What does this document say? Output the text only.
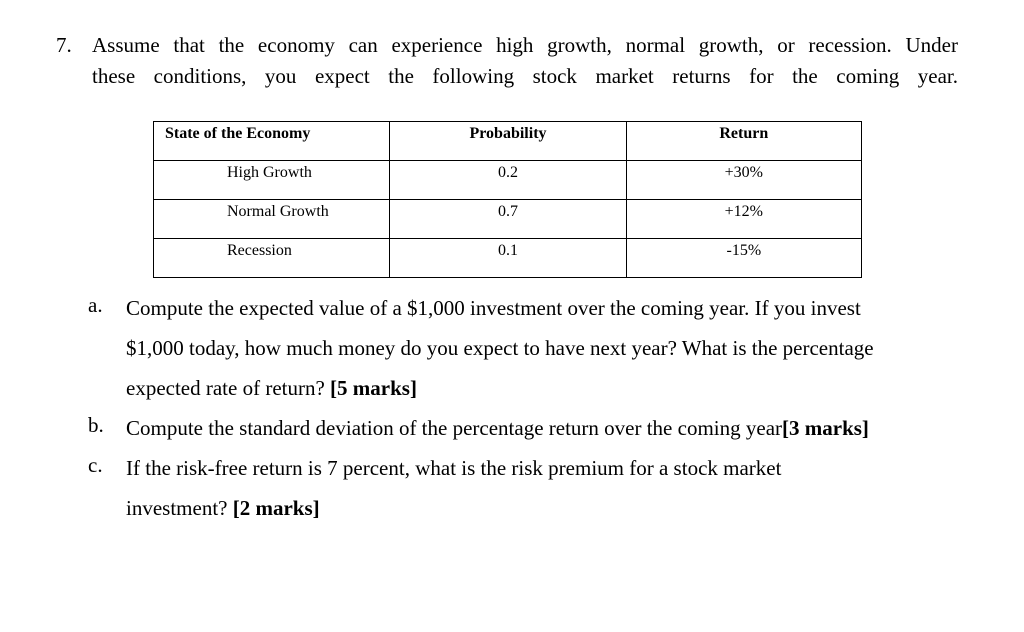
7. Assume that the economy can experience high growth, normal growth, or recession. Under
these conditions, you expect the following stock market returns for the coming year.
State of the Economy	Probability	Return
High Growth	0.2	+30%
Normal Growth	0.7	+12%
Recession	0.1	-15%
a. Compute the expected value of a $1,000 investment over the coming year. If you invest
$1,000 today, how much money do you expect to have next year? What is the percentage
expected rate of return? [5 marks]
b. Compute the standard deviation of the percentage return over the coming year[3 marks]
c. If the risk-free return is 7 percent, what is the risk premium for a stock market
investment? [2 marks]
